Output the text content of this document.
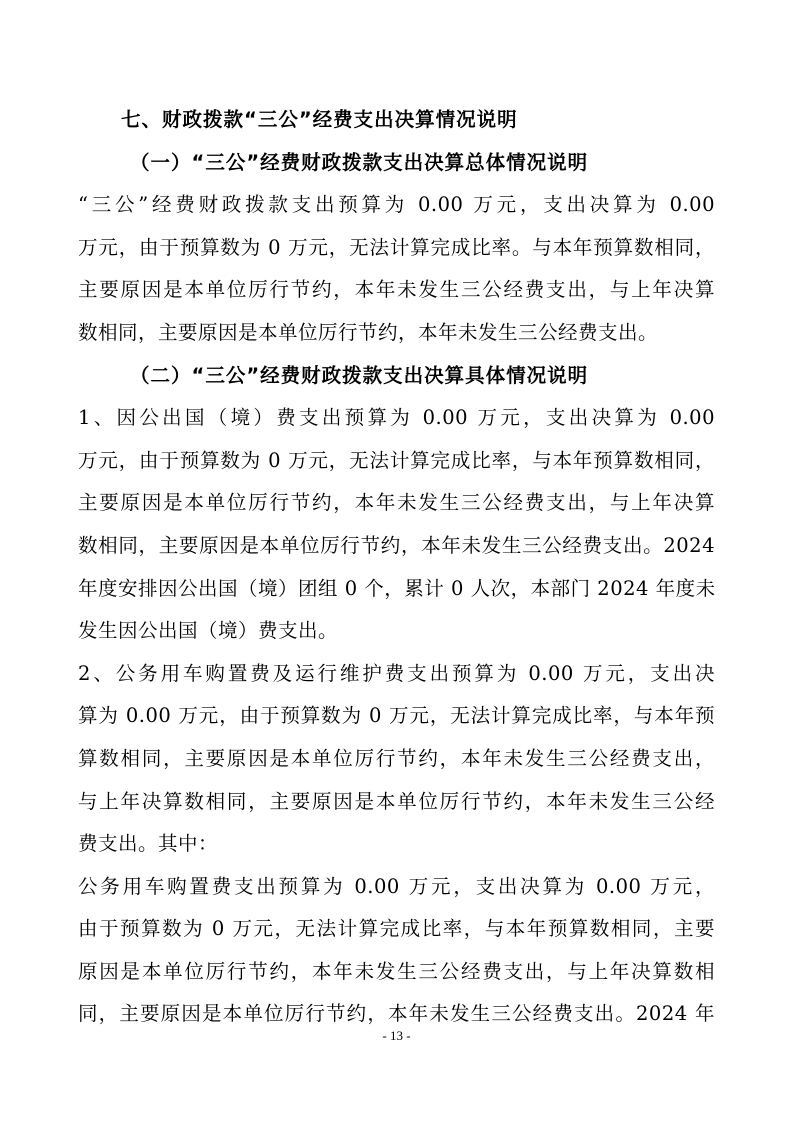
七、财政拨款“三公”经费支出决算情况说明
（一）“三公”经费财政拨款支出决算总体情况说明
“三公”经费财政拨款支出预算为 0.00 万元，支出决算为 0.00
万元，由于预算数为 0 万元，无法计算完成比率。与本年预算数相同，
主要原因是本单位厉行节约，本年未发生三公经费支出，与上年决算
数相同，主要原因是本单位厉行节约，本年未发生三公经费支出。
（二）“三公”经费财政拨款支出决算具体情况说明
1、因公出国（境）费支出预算为 0.00 万元，支出决算为 0.00
万元，由于预算数为 0 万元，无法计算完成比率，与本年预算数相同，
主要原因是本单位厉行节约，本年未发生三公经费支出，与上年决算
数相同，主要原因是本单位厉行节约，本年未发生三公经费支出。2024
年度安排因公出国（境）团组 0 个，累计 0 人次，本部门 2024 年度未
发生因公出国（境）费支出。
2、公务用车购置费及运行维护费支出预算为 0.00 万元，支出决
算为 0.00 万元，由于预算数为 0 万元，无法计算完成比率，与本年预
算数相同，主要原因是本单位厉行节约，本年未发生三公经费支出，
与上年决算数相同，主要原因是本单位厉行节约，本年未发生三公经
费支出。其中：
公务用车购置费支出预算为 0.00 万元，支出决算为 0.00 万元，
由于预算数为 0 万元，无法计算完成比率，与本年预算数相同，主要
原因是本单位厉行节约，本年未发生三公经费支出，与上年决算数相
同，主要原因是本单位厉行节约，本年未发生三公经费支出。2024 年
- 13 -
